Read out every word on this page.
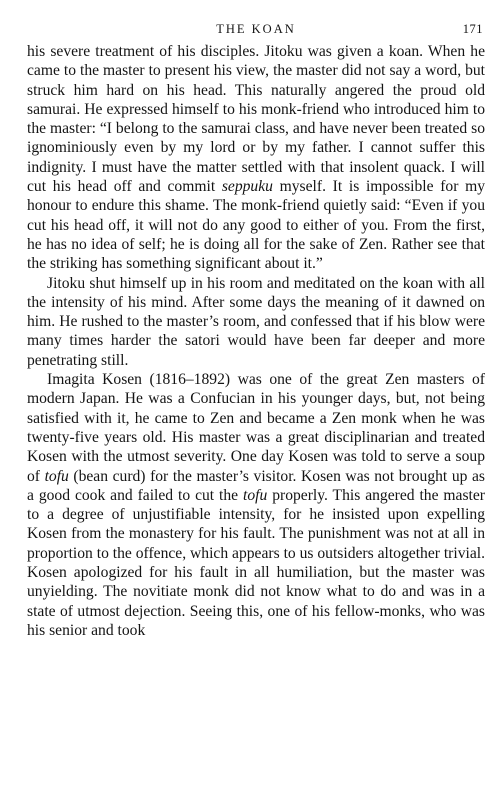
THE KOAN	171

his severe treatment of his disciples. Jitoku was given a koan. When he came to the master to present his view, the master did not say a word, but struck him hard on his head. This naturally angered the proud old samurai. He expressed himself to his monk-friend who introduced him to the master: “I belong to the samurai class, and have never been treated so ignominiously even by my lord or by my father. I cannot suffer this indignity. I must have the matter settled with that insolent quack. I will cut his head off and commit seppuku myself. It is impossible for my honour to endure this shame. The monk-friend quietly said: “Even if you cut his head off, it will not do any good to either of you. From the first, he has no idea of self; he is doing all for the sake of Zen. Rather see that the striking has something significant about it.”

Jitoku shut himself up in his room and meditated on the koan with all the intensity of his mind. After some days the meaning of it dawned on him. He rushed to the master’s room, and confessed that if his blow were many times harder the satori would have been far deeper and more penetrating still.

Imagita Kosen (1816–1892) was one of the great Zen masters of modern Japan. He was a Confucian in his younger days, but, not being satisfied with it, he came to Zen and became a Zen monk when he was twenty-five years old. His master was a great disciplinarian and treated Kosen with the utmost severity. One day Kosen was told to serve a soup of tofu (bean curd) for the master’s visitor. Kosen was not brought up as a good cook and failed to cut the tofu properly. This angered the master to a degree of unjustifiable intensity, for he insisted upon expelling Kosen from the monastery for his fault. The punishment was not at all in proportion to the offence, which appears to us outsiders altogether trivial. Kosen apologized for his fault in all humiliation, but the master was unyielding. The novitiate monk did not know what to do and was in a state of utmost dejection. Seeing this, one of his fellow-monks, who was his senior and took
